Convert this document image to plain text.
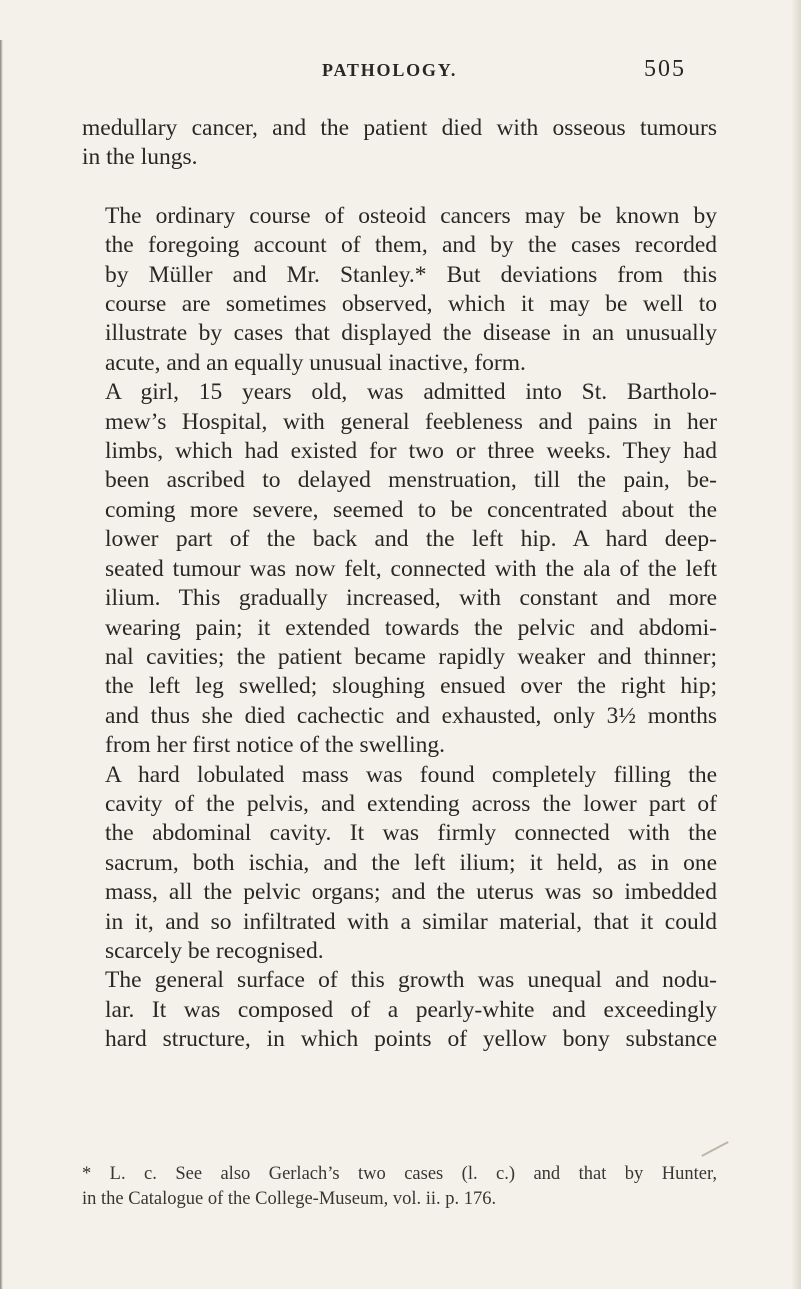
PATHOLOGY.	505

medullary cancer, and the patient died with osseous tumours
in the lungs.

The ordinary course of osteoid cancers may be known by
the foregoing account of them, and by the cases recorded
by Müller and Mr. Stanley.* But deviations from this
course are sometimes observed, which it may be well to
illustrate by cases that displayed the disease in an unusually
acute, and an equally unusual inactive, form.

A girl, 15 years old, was admitted into St. Bartholo-
mew’s Hospital, with general feebleness and pains in her
limbs, which had existed for two or three weeks. They had
been ascribed to delayed menstruation, till the pain, be-
coming more severe, seemed to be concentrated about the
lower part of the back and the left hip. A hard deep-
seated tumour was now felt, connected with the ala of the left
ilium. This gradually increased, with constant and more
wearing pain; it extended towards the pelvic and abdomi-
nal cavities; the patient became rapidly weaker and thinner;
the left leg swelled; sloughing ensued over the right hip;
and thus she died cachectic and exhausted, only 3½ months
from her first notice of the swelling.

A hard lobulated mass was found completely filling the
cavity of the pelvis, and extending across the lower part of
the abdominal cavity. It was firmly connected with the
sacrum, both ischia, and the left ilium; it held, as in one
mass, all the pelvic organs; and the uterus was so imbedded
in it, and so infiltrated with a similar material, that it could
scarcely be recognised.

The general surface of this growth was unequal and nodu-
lar. It was composed of a pearly-white and exceedingly
hard structure, in which points of yellow bony substance

* L. c. See also Gerlach’s two cases (l. c.) and that by Hunter,
in the Catalogue of the College-Museum, vol. ii. p. 176.
